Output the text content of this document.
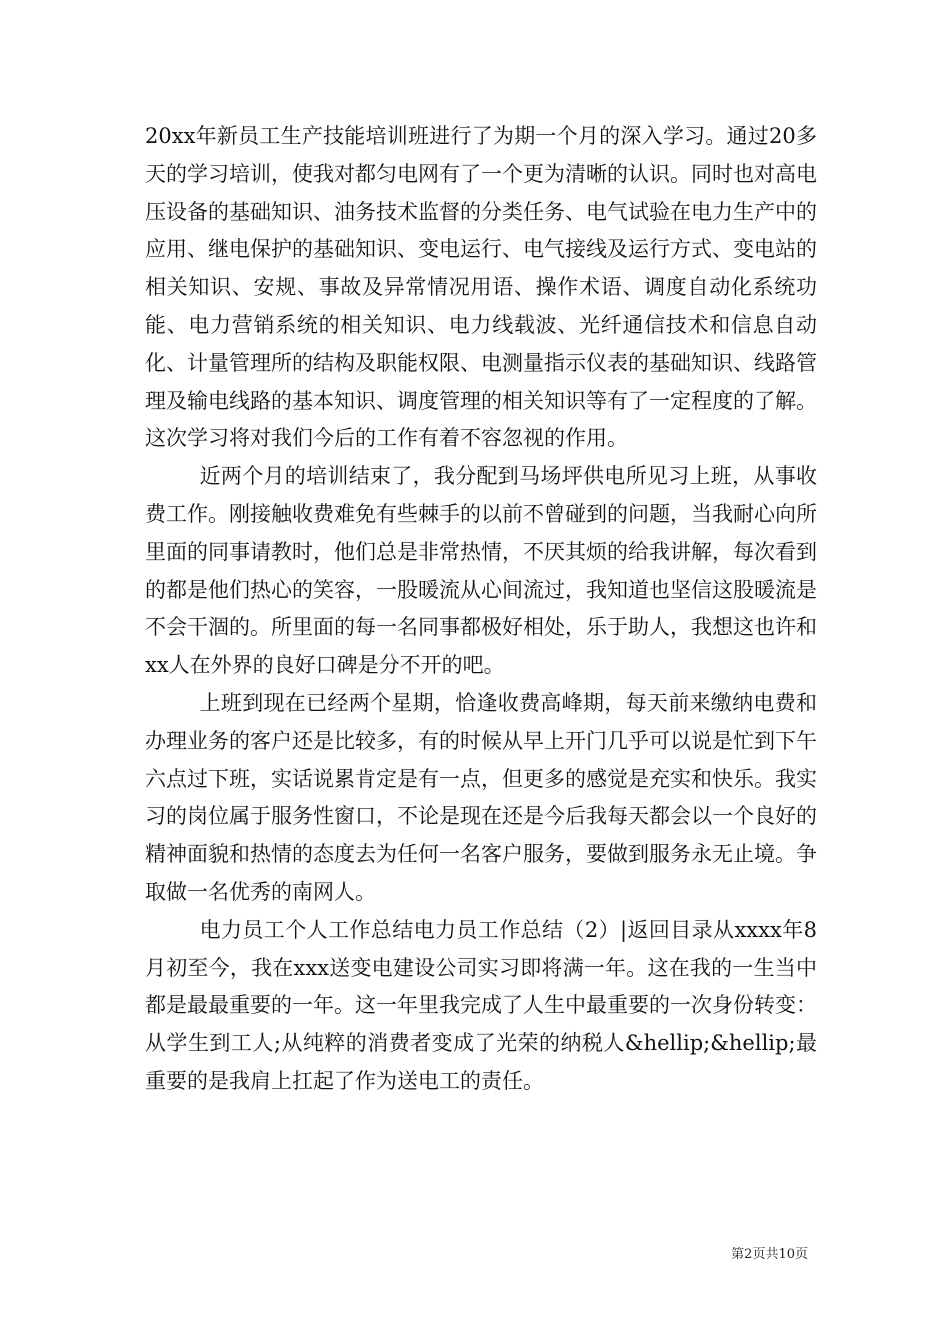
20xx年新员工生产技能培训班进行了为期一个月的深入学习。通过20多天的学习培训，使我对都匀电网有了一个更为清晰的认识。同时也对高电压设备的基础知识、油务技术监督的分类任务、电气试验在电力生产中的应用、继电保护的基础知识、变电运行、电气接线及运行方式、变电站的相关知识、安规、事故及异常情况用语、操作术语、调度自动化系统功能、电力营销系统的相关知识、电力线载波、光纤通信技术和信息自动化、计量管理所的结构及职能权限、电测量指示仪表的基础知识、线路管理及输电线路的基本知识、调度管理的相关知识等有了一定程度的了解。这次学习将对我们今后的工作有着不容忽视的作用。

近两个月的培训结束了，我分配到马场坪供电所见习上班，从事收费工作。刚接触收费难免有些棘手的以前不曾碰到的问题，当我耐心向所里面的同事请教时，他们总是非常热情，不厌其烦的给我讲解，每次看到的都是他们热心的笑容，一股暖流从心间流过，我知道也坚信这股暖流是不会干涸的。所里面的每一名同事都极好相处，乐于助人，我想这也许和xx人在外界的良好口碑是分不开的吧。

上班到现在已经两个星期，恰逢收费高峰期，每天前来缴纳电费和办理业务的客户还是比较多，有的时候从早上开门几乎可以说是忙到下午六点过下班，实话说累肯定是有一点，但更多的感觉是充实和快乐。我实习的岗位属于服务性窗口，不论是现在还是今后我每天都会以一个良好的精神面貌和热情的态度去为任何一名客户服务，要做到服务永无止境。争取做一名优秀的南网人。

电力员工个人工作总结电力员工作总结（2）|返回目录从xxxx年8月初至今，我在xxx送变电建设公司实习即将满一年。这在我的一生当中都是最最重要的一年。这一年里我完成了人生中最重要的一次身份转变：从学生到工人;从纯粹的消费者变成了光荣的纳税人&hellip;&hellip;最重要的是我肩上扛起了作为送电工的责任。

第2页共10页
